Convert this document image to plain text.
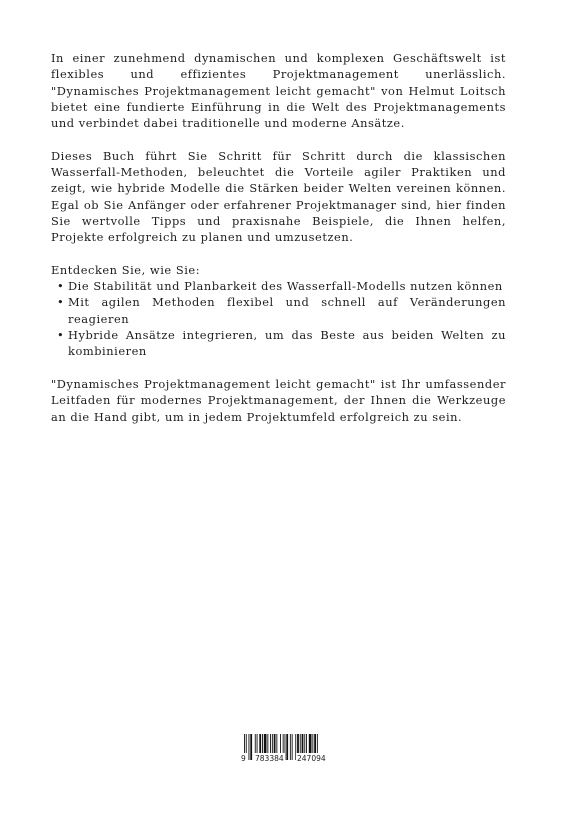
In einer zunehmend dynamischen und komplexen Geschäftswelt ist flexibles und effizientes Projektmanagement unerlässlich. "Dynamisches Projektmanagement leicht gemacht" von Helmut Loitsch bietet eine fundierte Einführung in die Welt des Projektmanagements und verbindet dabei traditionelle und moderne Ansätze.

Dieses Buch führt Sie Schritt für Schritt durch die klassischen Wasserfall-Methoden, beleuchtet die Vorteile agiler Praktiken und zeigt, wie hybride Modelle die Stärken beider Welten vereinen können. Egal ob Sie Anfänger oder erfahrener Projektmanager sind, hier finden Sie wertvolle Tipps und praxisnahe Beispiele, die Ihnen helfen, Projekte erfolgreich zu planen und umzusetzen.

Entdecken Sie, wie Sie:

• Die Stabilität und Planbarkeit des Wasserfall-Modells nutzen können
• Mit agilen Methoden flexibel und schnell auf Veränderungen reagieren
• Hybride Ansätze integrieren, um das Beste aus beiden Welten zu kombinieren

"Dynamisches Projektmanagement leicht gemacht" ist Ihr umfassender Leitfaden für modernes Projektmanagement, der Ihnen die Werkzeuge an die Hand gibt, um in jedem Projektumfeld erfolgreich zu sein.

9 783384 247094
